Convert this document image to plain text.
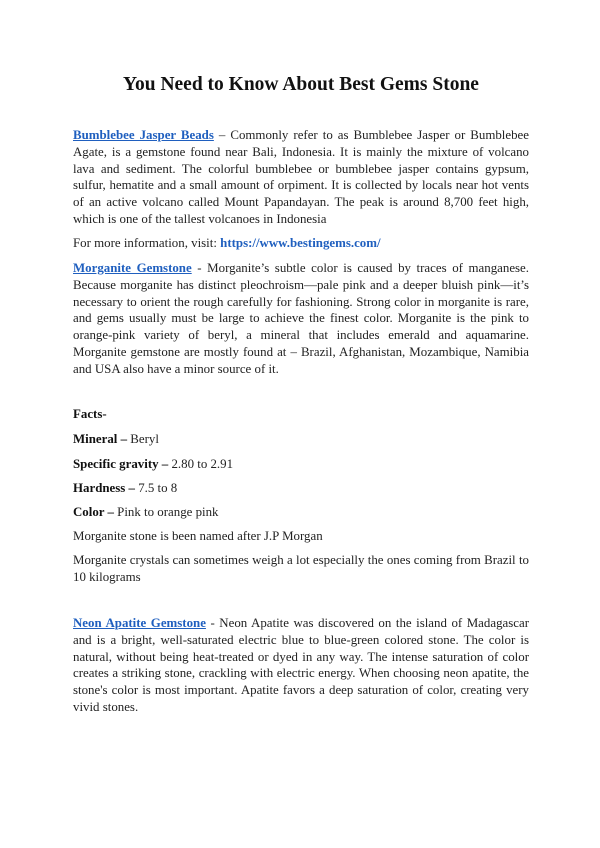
You Need to Know About Best Gems Stone

Bumblebee Jasper Beads – Commonly refer to as Bumblebee Jasper or Bumblebee Agate, is a gemstone found near Bali, Indonesia. It is mainly the mixture of volcano lava and sediment. The colorful bumblebee or bumblebee jasper contains gypsum, sulfur, hematite and a small amount of orpiment. It is collected by locals near hot vents of an active volcano called Mount Papandayan. The peak is around 8,700 feet high, which is one of the tallest volcanoes in Indonesia

For more information, visit: https://www.bestingems.com/

Morganite Gemstone - Morganite’s subtle color is caused by traces of manganese. Because morganite has distinct pleochroism—pale pink and a deeper bluish pink—it’s necessary to orient the rough carefully for fashioning. Strong color in morganite is rare, and gems usually must be large to achieve the finest color. Morganite is the pink to orange-pink variety of beryl, a mineral that includes emerald and aquamarine. Morganite gemstone are mostly found at – Brazil, Afghanistan, Mozambique, Namibia and USA also have a minor source of it.

Facts-

Mineral – Beryl

Specific gravity – 2.80 to 2.91

Hardness – 7.5 to 8

Color – Pink to orange pink

Morganite stone is been named after J.P Morgan

Morganite crystals can sometimes weigh a lot especially the ones coming from Brazil to 10 kilograms

Neon Apatite Gemstone - Neon Apatite was discovered on the island of Madagascar and is a bright, well-saturated electric blue to blue-green colored stone. The color is natural, without being heat-treated or dyed in any way. The intense saturation of color creates a striking stone, crackling with electric energy. When choosing neon apatite, the stone's color is most important. Apatite favors a deep saturation of color, creating very vivid stones.
